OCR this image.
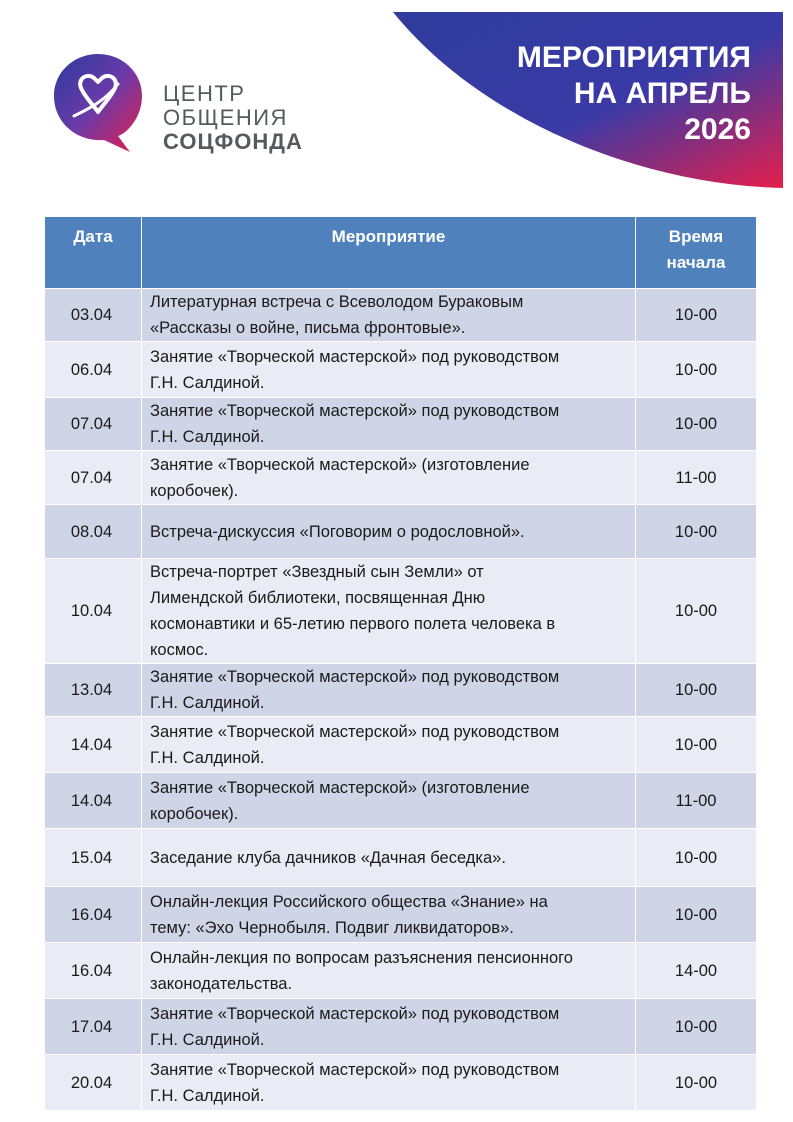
МЕРОПРИЯТИЯ
НА АПРЕЛЬ
2026
ЦЕНТР
ОБЩЕНИЯ
СОЦФОНДА
Дата	Мероприятие	Время
начала
03.04	Литературная встреча с Всеволодом Бураковым
«Рассказы о войне, письма фронтовые».	10-00
06.04	Занятие «Творческой мастерской» под руководством
Г.Н. Салдиной.	10-00
07.04	Занятие «Творческой мастерской» под руководством
Г.Н. Салдиной.	10-00
07.04	Занятие «Творческой мастерской» (изготовление
коробочек).	11-00
08.04	Встреча-дискуссия «Поговорим о родословной».	10-00
10.04	Встреча-портрет «Звездный сын Земли» от
Лимендской библиотеки, посвященная Дню
космонавтики и 65-летию первого полета человека в
космос.	10-00
13.04	Занятие «Творческой мастерской» под руководством
Г.Н. Салдиной.	10-00
14.04	Занятие «Творческой мастерской» под руководством
Г.Н. Салдиной.	10-00
14.04	Занятие «Творческой мастерской» (изготовление
коробочек).	11-00
15.04	Заседание клуба дачников «Дачная беседка».	10-00
16.04	Онлайн-лекция Российского общества «Знание» на
тему: «Эхо Чернобыля. Подвиг ликвидаторов».	10-00
16.04	Онлайн-лекция по вопросам разъяснения пенсионного
законодательства.	14-00
17.04	Занятие «Творческой мастерской» под руководством
Г.Н. Салдиной.	10-00
20.04	Занятие «Творческой мастерской» под руководством
Г.Н. Салдиной.	10-00
